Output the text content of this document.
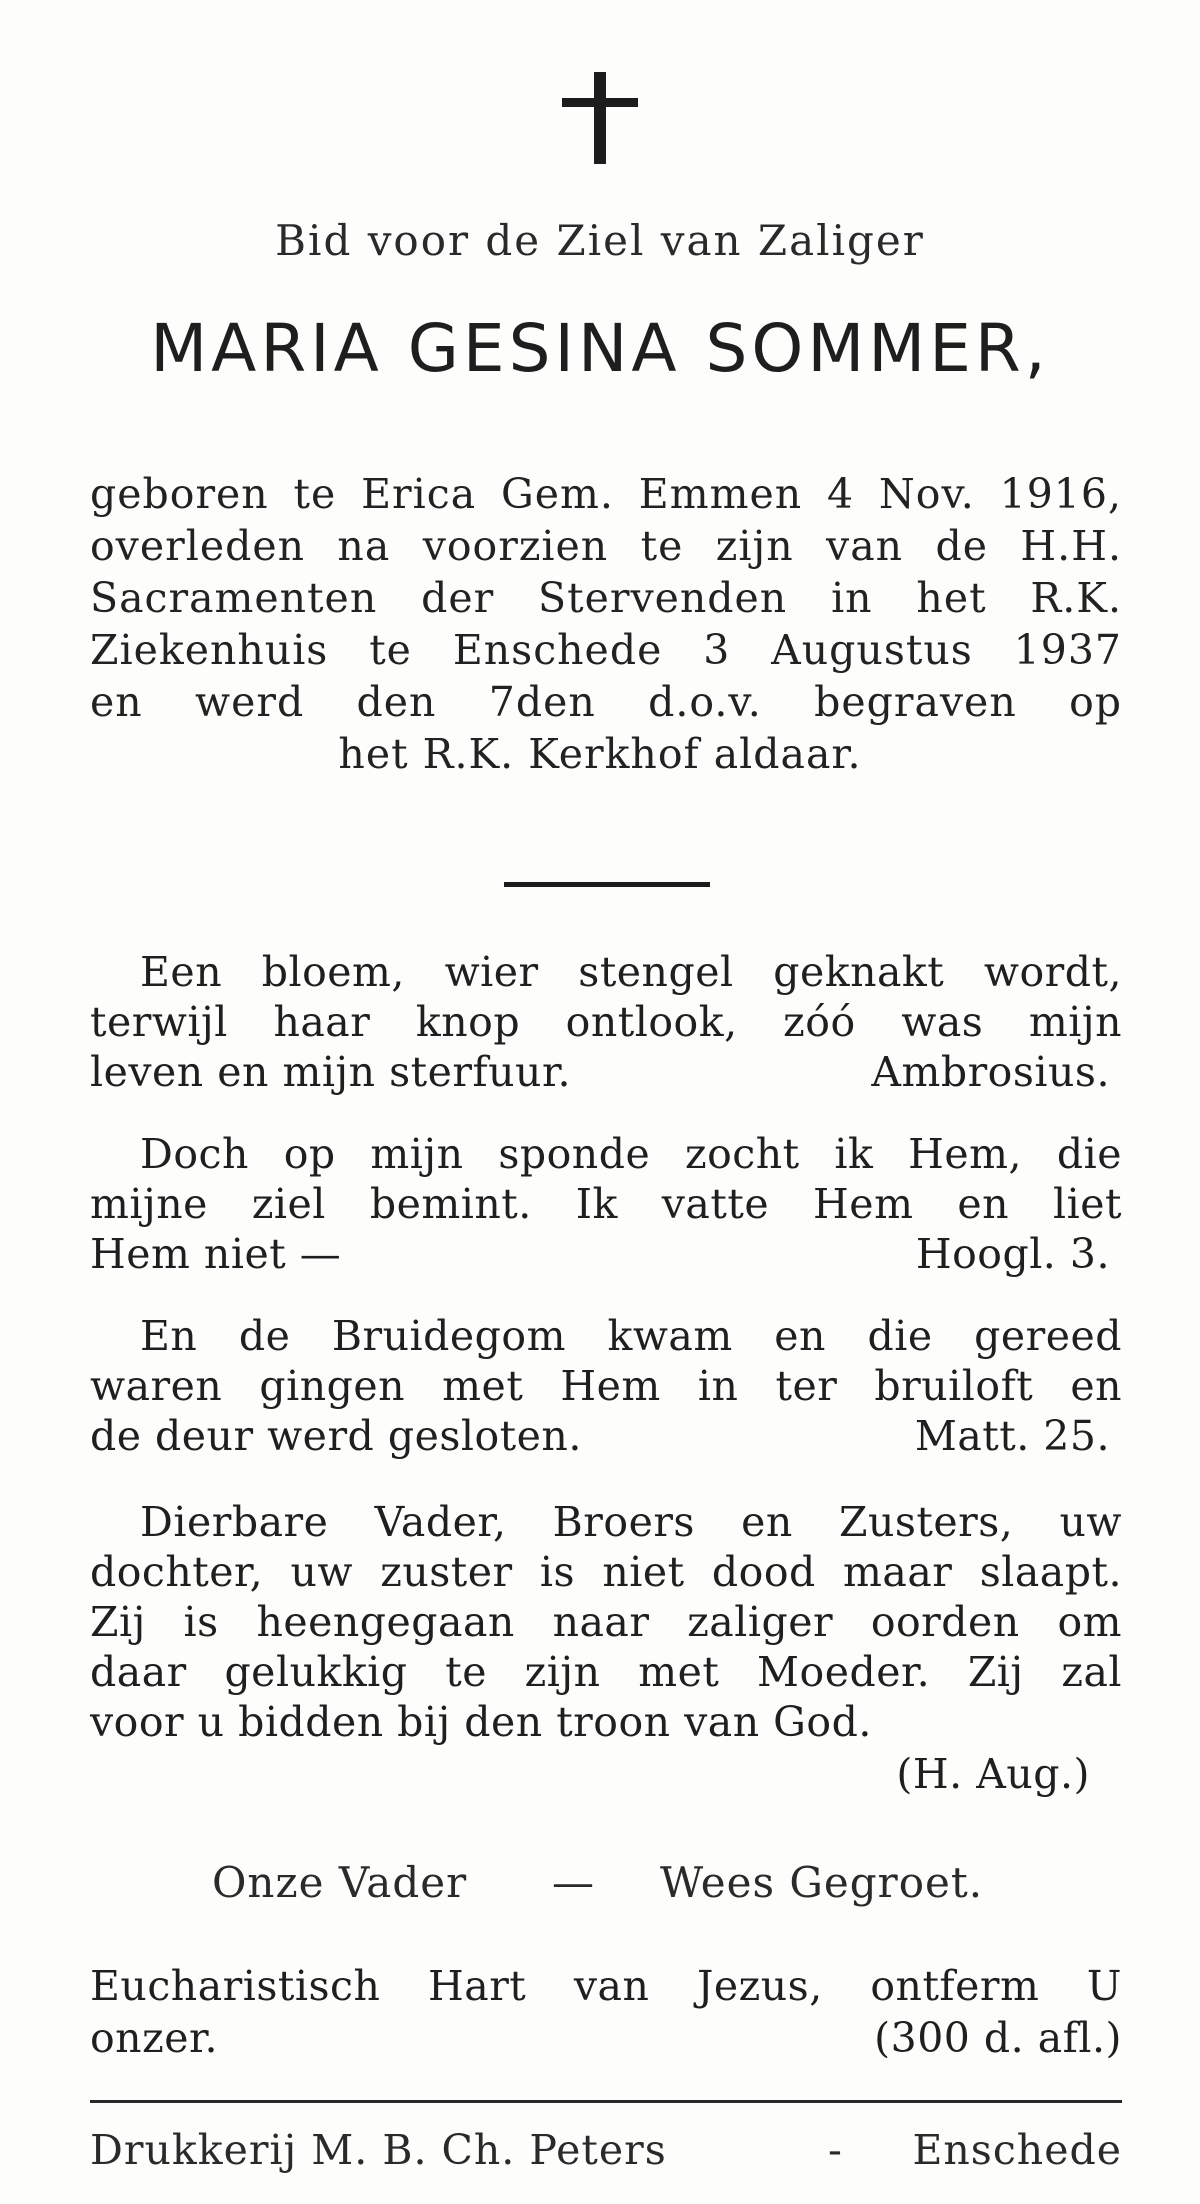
Bid voor de Ziel van Zaliger
MARIA GESINA SOMMER,
geboren te Erica Gem. Emmen 4 Nov. 1916,
overleden na voorzien te zijn van de H.H.
Sacramenten der Stervenden in het R.K.
Ziekenhuis te Enschede 3 Augustus 1937
en werd den 7den d.o.v. begraven op
het R.K. Kerkhof aldaar.
Een bloem, wier stengel geknakt wordt,
terwijl haar knop ontlook, zóó was mijn
leven en mijn sterfuur.	Ambrosius.
Doch op mijn sponde zocht ik Hem, die
mijne ziel bemint. Ik vatte Hem en liet
Hem niet —	Hoogl. 3.
En de Bruidegom kwam en die gereed
waren gingen met Hem in ter bruiloft en
de deur werd gesloten.	Matt. 25.
Dierbare Vader, Broers en Zusters, uw
dochter, uw zuster is niet dood maar slaapt.
Zij is heengegaan naar zaliger oorden om
daar gelukkig te zijn met Moeder. Zij zal
voor u bidden bij den troon van God.
(H. Aug.)
Onze Vader — Wees Gegroet.
Eucharistisch Hart van Jezus, ontferm U
onzer.	(300 d. afl.)
Drukkerij M. B. Ch. Peters	- Enschede
